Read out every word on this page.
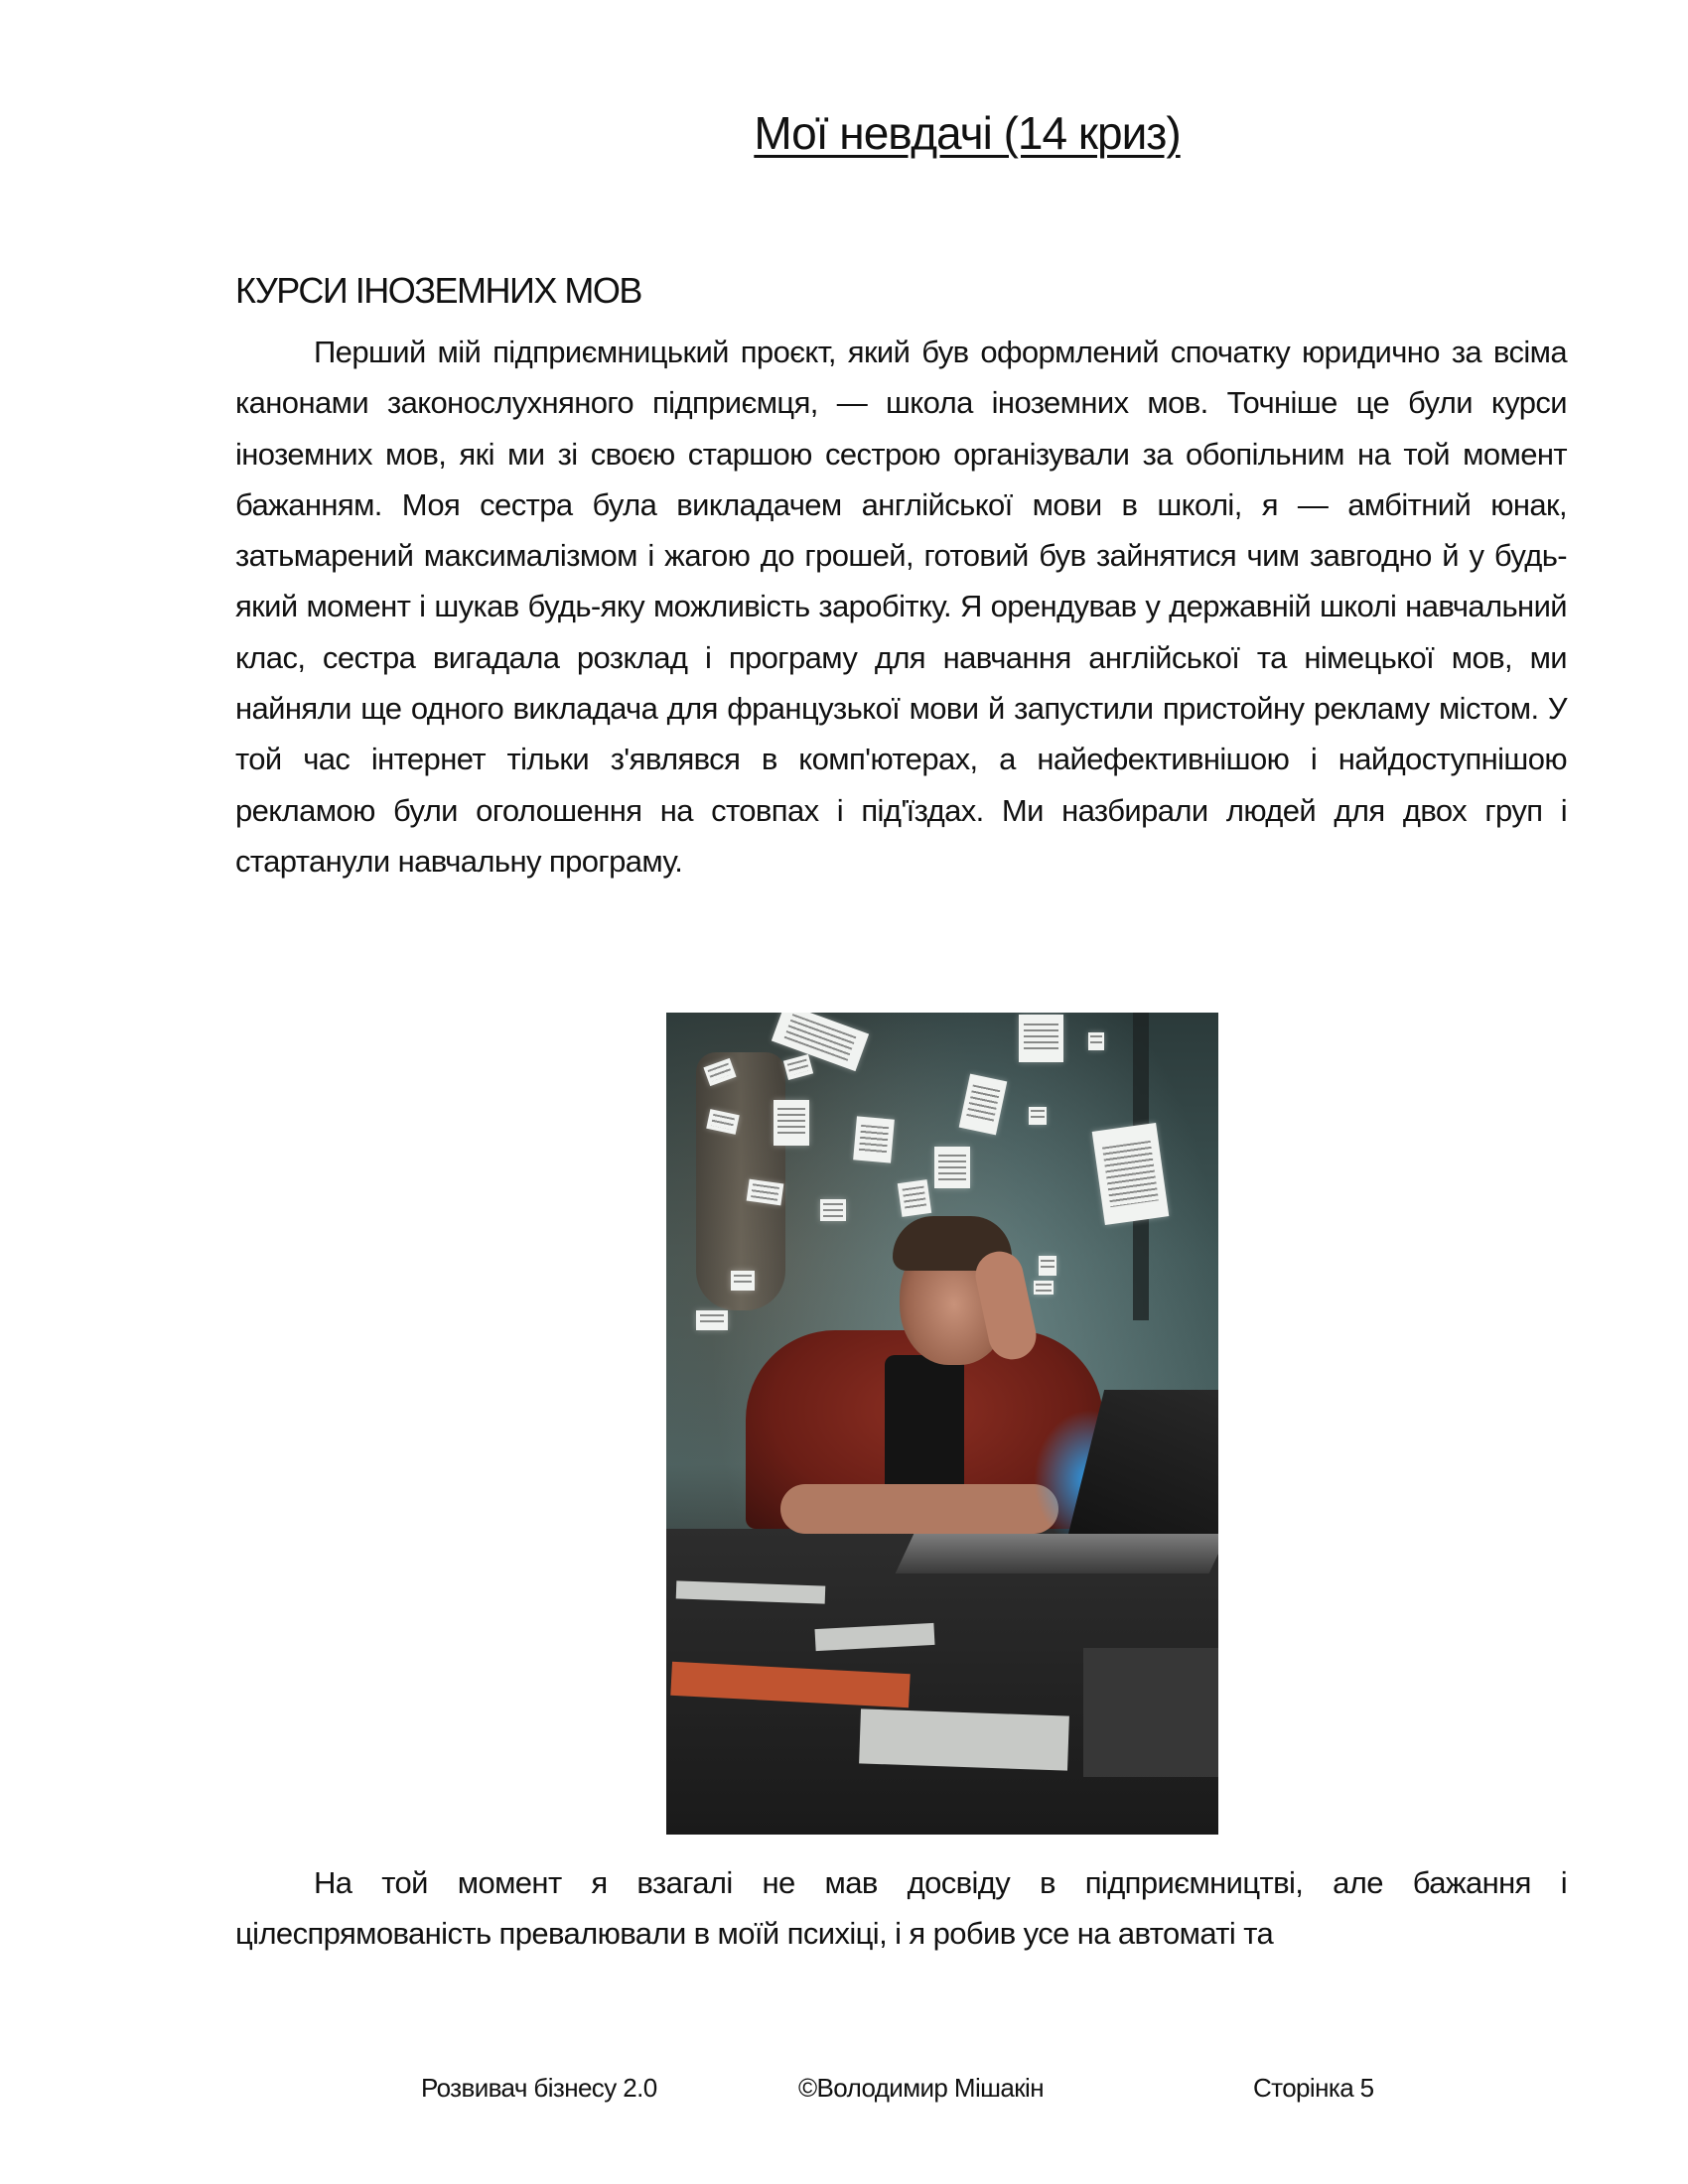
Мої невдачі (14 криз)
КУРСИ ІНОЗЕМНИХ МОВ

Перший мій підприємницький проєкт, який був оформлений спочатку юридично за всіма канонами законослухняного підприємця, — школа іноземних мов. Точніше це були курси іноземних мов, які ми зі своєю старшою сестрою організували за обопільним на той момент бажанням. Моя сестра була викладачем англійської мови в школі, я — амбітний юнак, затьмарений максималізмом і жагою до грошей, готовий був зайнятися чим завгодно й у будь-який момент і шукав будь-яку можливість заробітку. Я орендував у державній школі навчальний клас, сестра вигадала розклад і програму для навчання англійської та німецької мов, ми найняли ще одного викладача для французької мови й запустили пристойну рекламу містом. У той час інтернет тільки з'являвся в комп'ютерах, а найефективнішою і найдоступнішою рекламою були оголошення на стовпах і під'їздах. Ми назбирали людей для двох груп і стартанули навчальну програму.

На той момент я взагалі не мав досвіду в підприємництві, але бажання і цілеспрямованість превалювали в моїй психіці, і я робив усе на автоматі та

Розвивач бізнесу 2.0	©Володимир Мішакін	Сторінка 5
